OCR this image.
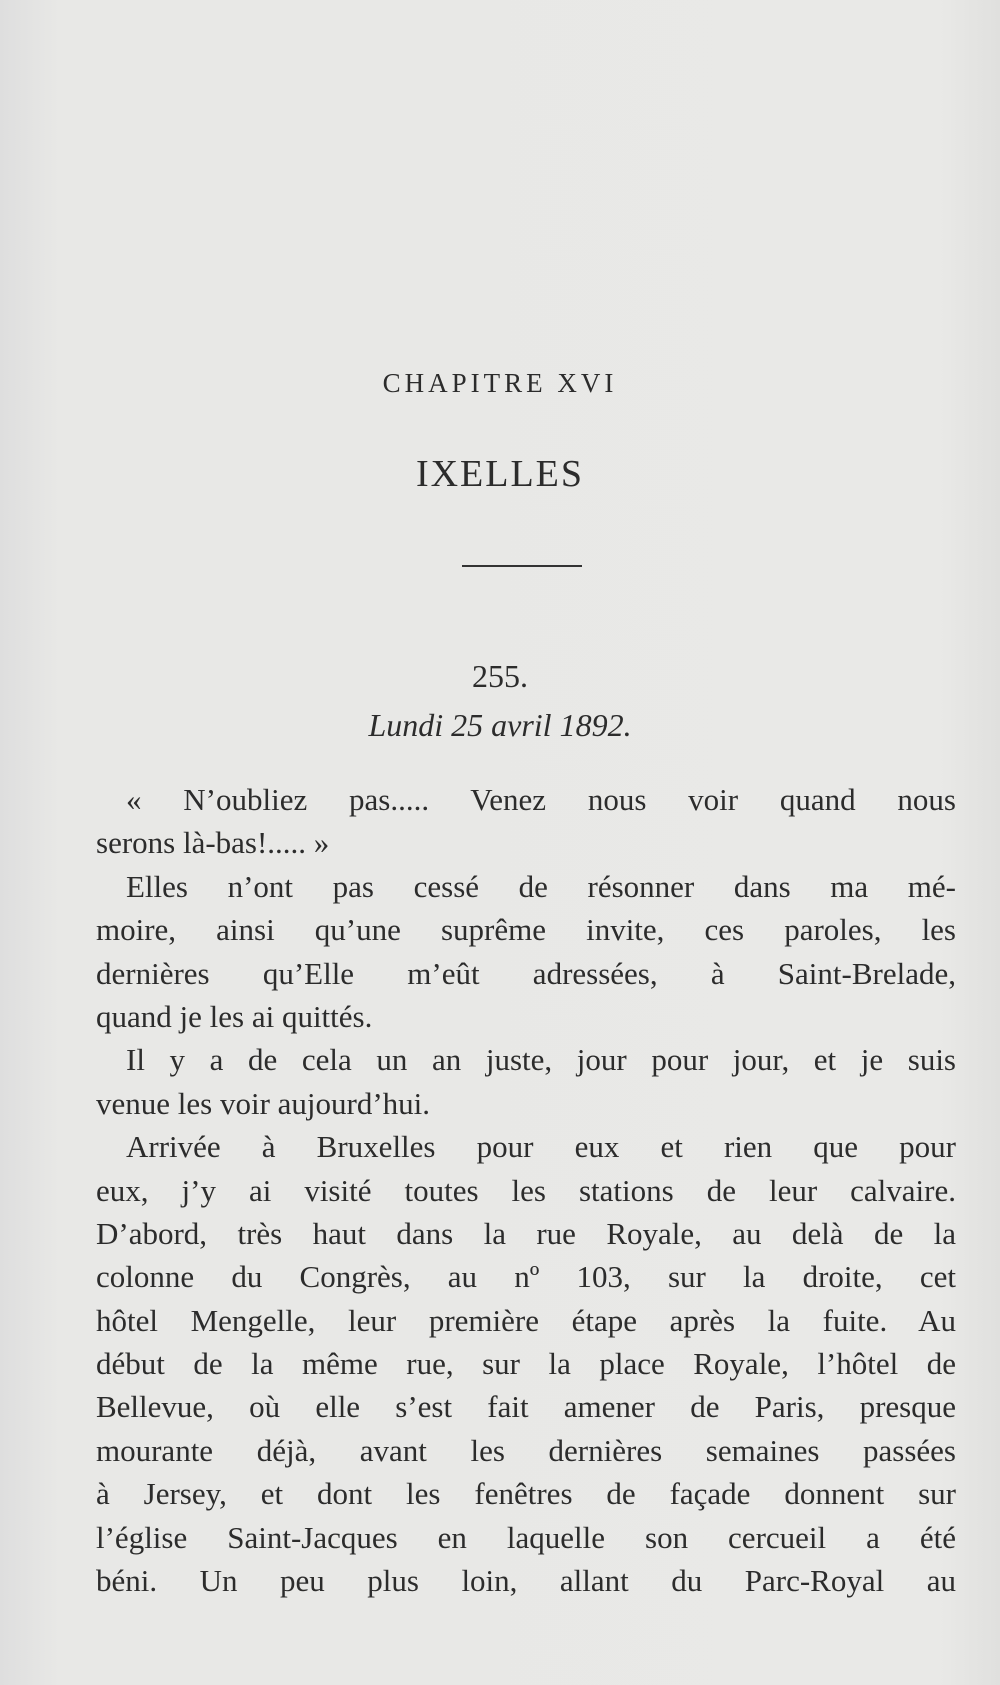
CHAPITRE XVI
IXELLES
255.
Lundi 25 avril 1892.
« N’oubliez pas..... Venez nous voir quand nous
serons là-bas!..... »
Elles n’ont pas cessé de résonner dans ma mé-
moire, ainsi qu’une suprême invite, ces paroles, les
dernières qu’Elle m’eût adressées, à Saint-Brelade,
quand je les ai quittés.
Il y a de cela un an juste, jour pour jour, et je suis
venue les voir aujourd’hui.
Arrivée à Bruxelles pour eux et rien que pour
eux, j’y ai visité toutes les stations de leur calvaire.
D’abord, très haut dans la rue Royale, au delà de la
colonne du Congrès, au nº 103, sur la droite, cet
hôtel Mengelle, leur première étape après la fuite. Au
début de la même rue, sur la place Royale, l’hôtel de
Bellevue, où elle s’est fait amener de Paris, presque
mourante déjà, avant les dernières semaines passées
à Jersey, et dont les fenêtres de façade donnent sur
l’église Saint-Jacques en laquelle son cercueil a été
béni. Un peu plus loin, allant du Parc-Royal au
